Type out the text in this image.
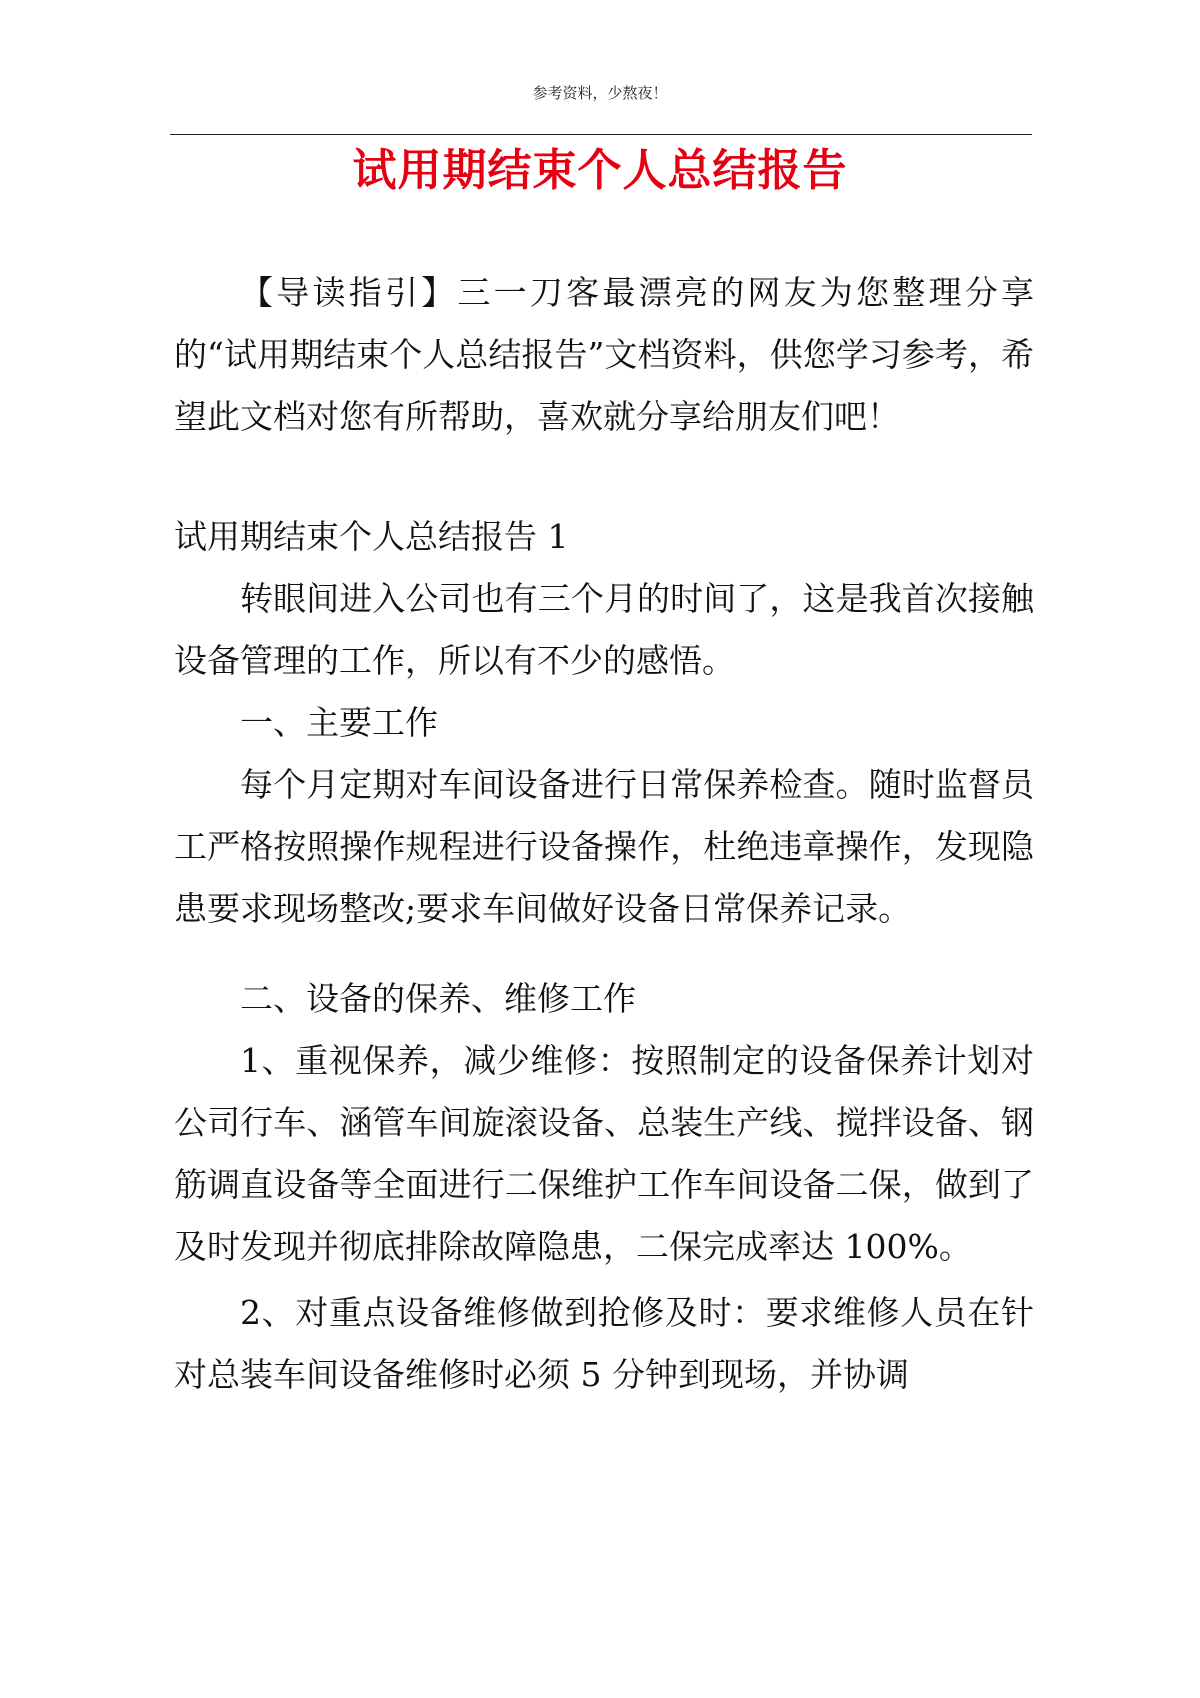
参考资料，少熬夜！
试用期结束个人总结报告

【导读指引】三一刀客最漂亮的网友为您整理分享的“试用期结束个人总结报告”文档资料，供您学习参考，希望此文档对您有所帮助，喜欢就分享给朋友们吧！

试用期结束个人总结报告 1

转眼间进入公司也有三个月的时间了，这是我首次接触设备管理的工作，所以有不少的感悟。

一、主要工作

每个月定期对车间设备进行日常保养检查。随时监督员工严格按照操作规程进行设备操作，杜绝违章操作，发现隐患要求现场整改;要求车间做好设备日常保养记录。

二、设备的保养、维修工作

1、重视保养，减少维修：按照制定的设备保养计划对公司行车、涵管车间旋滚设备、总装生产线、搅拌设备、钢筋调直设备等全面进行二保维护工作车间设备二保，做到了及时发现并彻底排除故障隐患，二保完成率达 100%。

2、对重点设备维修做到抢修及时：要求维修人员在针对总装车间设备维修时必须 5 分钟到现场，并协调
